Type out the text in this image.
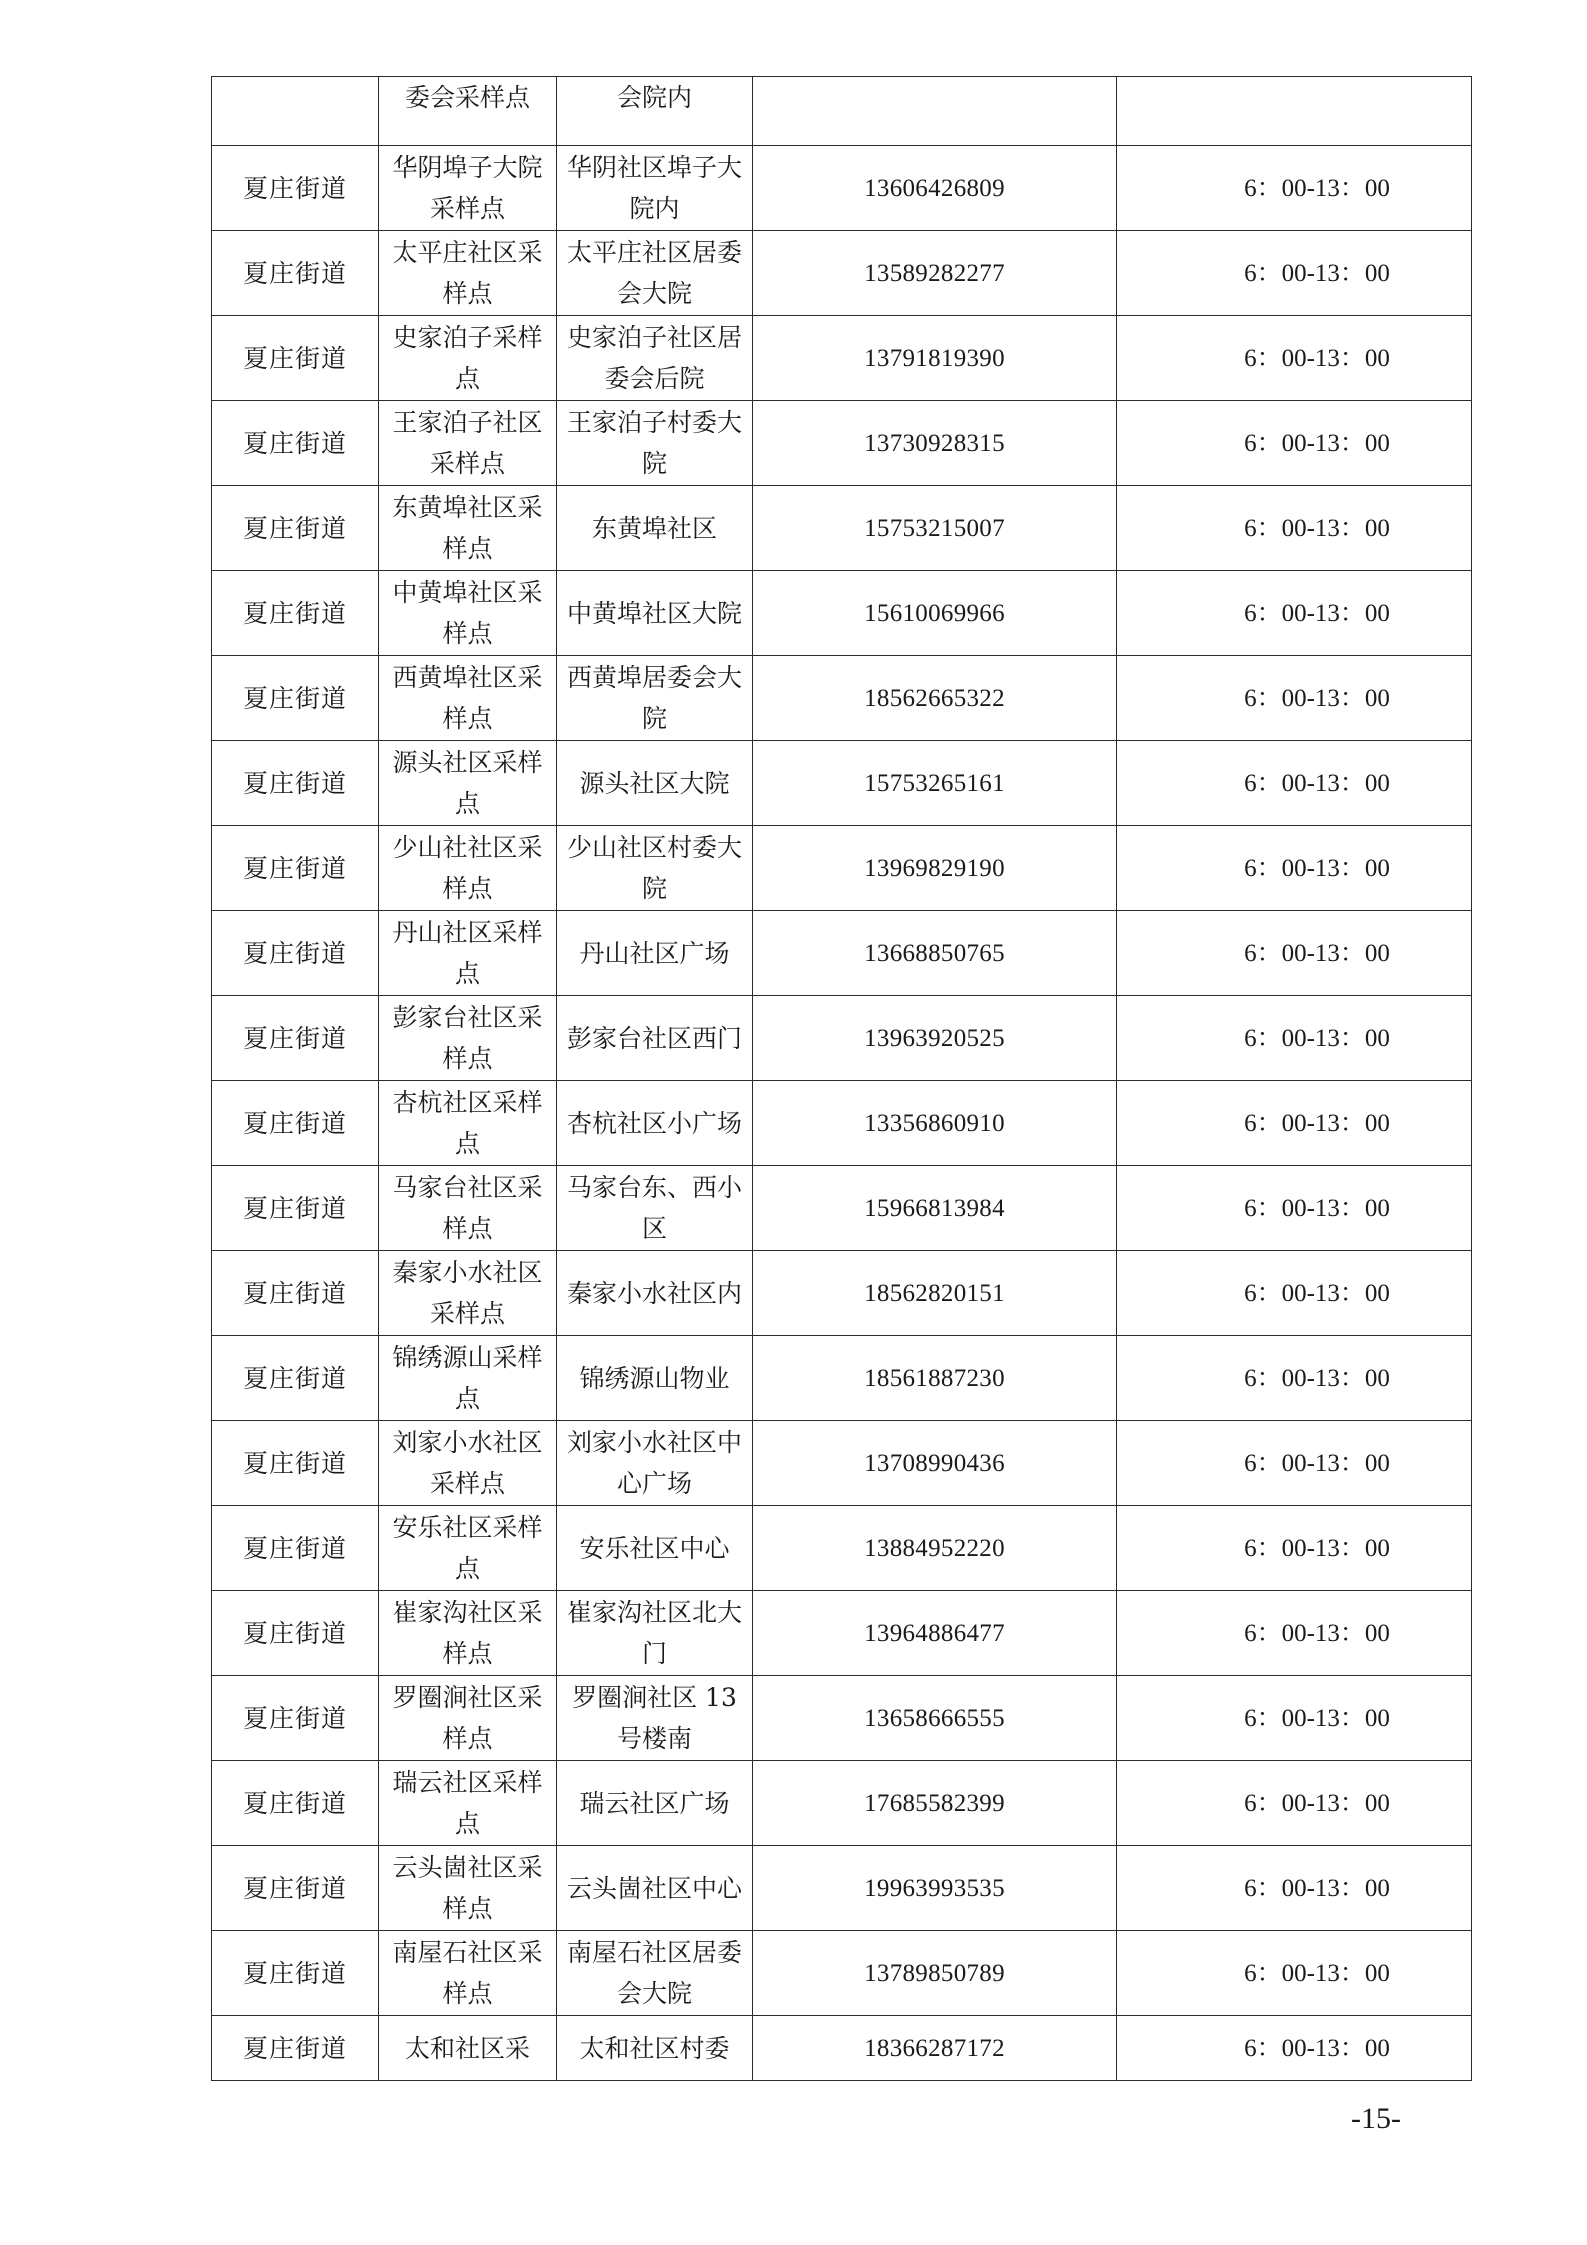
	委会采样点	会院内		
夏庄街道	华阴埠子大院采样点	华阴社区埠子大院内	13606426809	6：00-13：00
夏庄街道	太平庄社区采样点	太平庄社区居委会大院	13589282277	6：00-13：00
夏庄街道	史家泊子采样点	史家泊子社区居委会后院	13791819390	6：00-13：00
夏庄街道	王家泊子社区采样点	王家泊子村委大院	13730928315	6：00-13：00
夏庄街道	东黄埠社区采样点	东黄埠社区	15753215007	6：00-13：00
夏庄街道	中黄埠社区采样点	中黄埠社区大院	15610069966	6：00-13：00
夏庄街道	西黄埠社区采样点	西黄埠居委会大院	18562665322	6：00-13：00
夏庄街道	源头社区采样点	源头社区大院	15753265161	6：00-13：00
夏庄街道	少山社社区采样点	少山社区村委大院	13969829190	6：00-13：00
夏庄街道	丹山社区采样点	丹山社区广场	13668850765	6：00-13：00
夏庄街道	彭家台社区采样点	彭家台社区西门	13963920525	6：00-13：00
夏庄街道	杏杭社区采样点	杏杭社区小广场	13356860910	6：00-13：00
夏庄街道	马家台社区采样点	马家台东、西小区	15966813984	6：00-13：00
夏庄街道	秦家小水社区采样点	秦家小水社区内	18562820151	6：00-13：00
夏庄街道	锦绣源山采样点	锦绣源山物业	18561887230	6：00-13：00
夏庄街道	刘家小水社区采样点	刘家小水社区中心广场	13708990436	6：00-13：00
夏庄街道	安乐社区采样点	安乐社区中心	13884952220	6：00-13：00
夏庄街道	崔家沟社区采样点	崔家沟社区北大门	13964886477	6：00-13：00
夏庄街道	罗圈涧社区采样点	罗圈涧社区 13号楼南	13658666555	6：00-13：00
夏庄街道	瑞云社区采样点	瑞云社区广场	17685582399	6：00-13：00
夏庄街道	云头崮社区采样点	云头崮社区中心	19963993535	6：00-13：00
夏庄街道	南屋石社区采样点	南屋石社区居委会大院	13789850789	6：00-13：00
夏庄街道	太和社区采	太和社区村委	18366287172	6：00-13：00
-15-
